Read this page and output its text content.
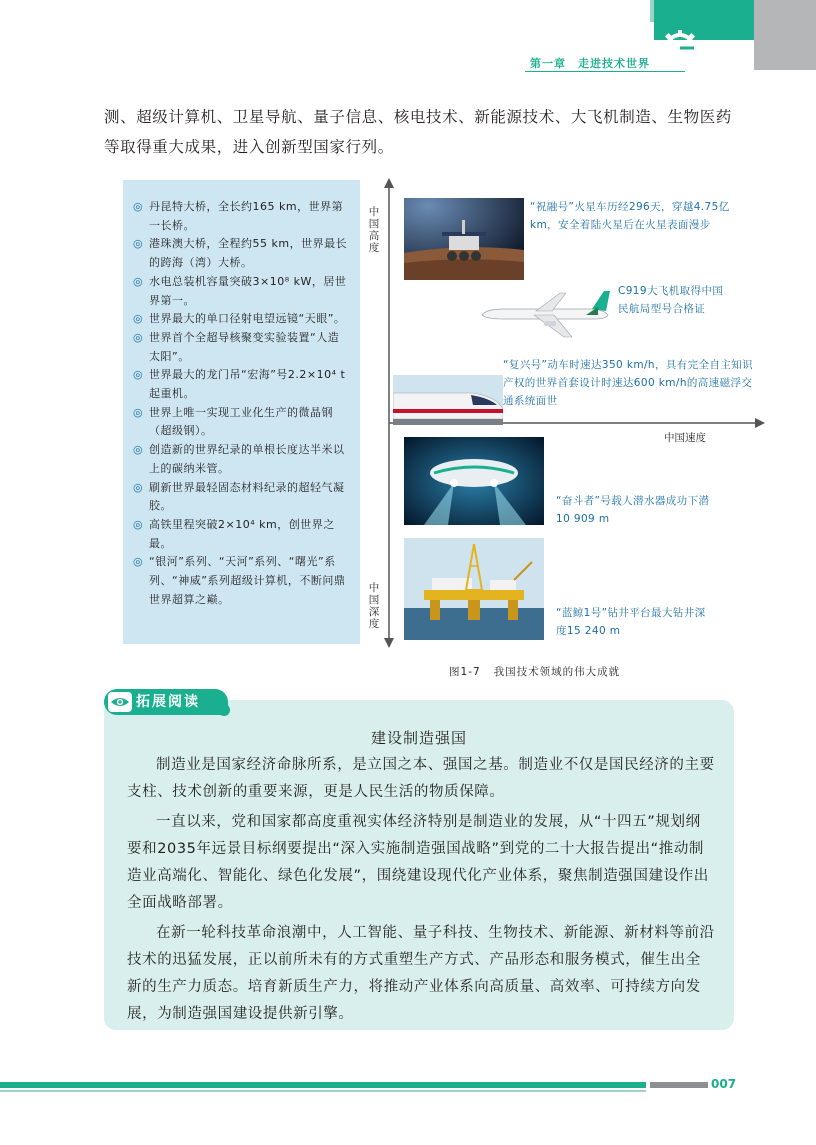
第一章　走进技术世界
测、超级计算机、卫星导航、量子信息、核电技术、新能源技术、大飞机制造、生物医药等取得重大成果，进入创新型国家行列。
◎ 丹昆特大桥，全长约165 km，世界第一长桥。
◎ 港珠澳大桥，全程约55 km，世界最长的跨海（湾）大桥。
◎ 水电总装机容量突破3×10⁸ kW，居世界第一。
◎ 世界最大的单口径射电望远镜“天眼”。
◎ 世界首个全超导核聚变实验装置“人造太阳”。
◎ 世界最大的龙门吊“宏海”号2.2×10⁴ t起重机。
◎ 世界上唯一实现工业化生产的微晶钢（超级钢）。
◎ 创造新的世界纪录的单根长度达半米以上的碳纳米管。
◎ 刷新世界最轻固态材料纪录的超轻气凝胶。
◎ 高铁里程突破2×10⁴ km，创世界之最。
◎ “银河”系列、“天河”系列、“曙光”系列、“神威”系列超级计算机，不断问鼎世界超算之巅。
中国高度
中国速度
中国深度
“祝融号”火星车历经296天，穿越4.75亿 km，安全着陆火星后在火星表面漫步
C919大飞机取得中国民航局型号合格证
“复兴号”动车时速达350 km/h，具有完全自主知识产权的世界首套设计时速达600 km/h的高速磁浮交通系统面世
“奋斗者”号载人潜水器成功下潜10 909 m
“蓝鲸1号”钻井平台最大钻井深度15 240 m
图1-7 我国技术领域的伟大成就
拓展阅读
建设制造强国

制造业是国家经济命脉所系，是立国之本、强国之基。制造业不仅是国民经济的主要支柱、技术创新的重要来源，更是人民生活的物质保障。

一直以来，党和国家都高度重视实体经济特别是制造业的发展，从“十四五”规划纲要和2035年远景目标纲要提出“深入实施制造强国战略”到党的二十大报告提出“推动制造业高端化、智能化、绿色化发展”，围绕建设现代化产业体系，聚焦制造强国建设作出全面战略部署。

在新一轮科技革命浪潮中，人工智能、量子科技、生物技术、新能源、新材料等前沿技术的迅猛发展，正以前所未有的方式重塑生产方式、产品形态和服务模式，催生出全新的生产力质态。培育新质生产力，将推动产业体系向高质量、高效率、可持续方向发展，为制造强国建设提供新引擎。

007
